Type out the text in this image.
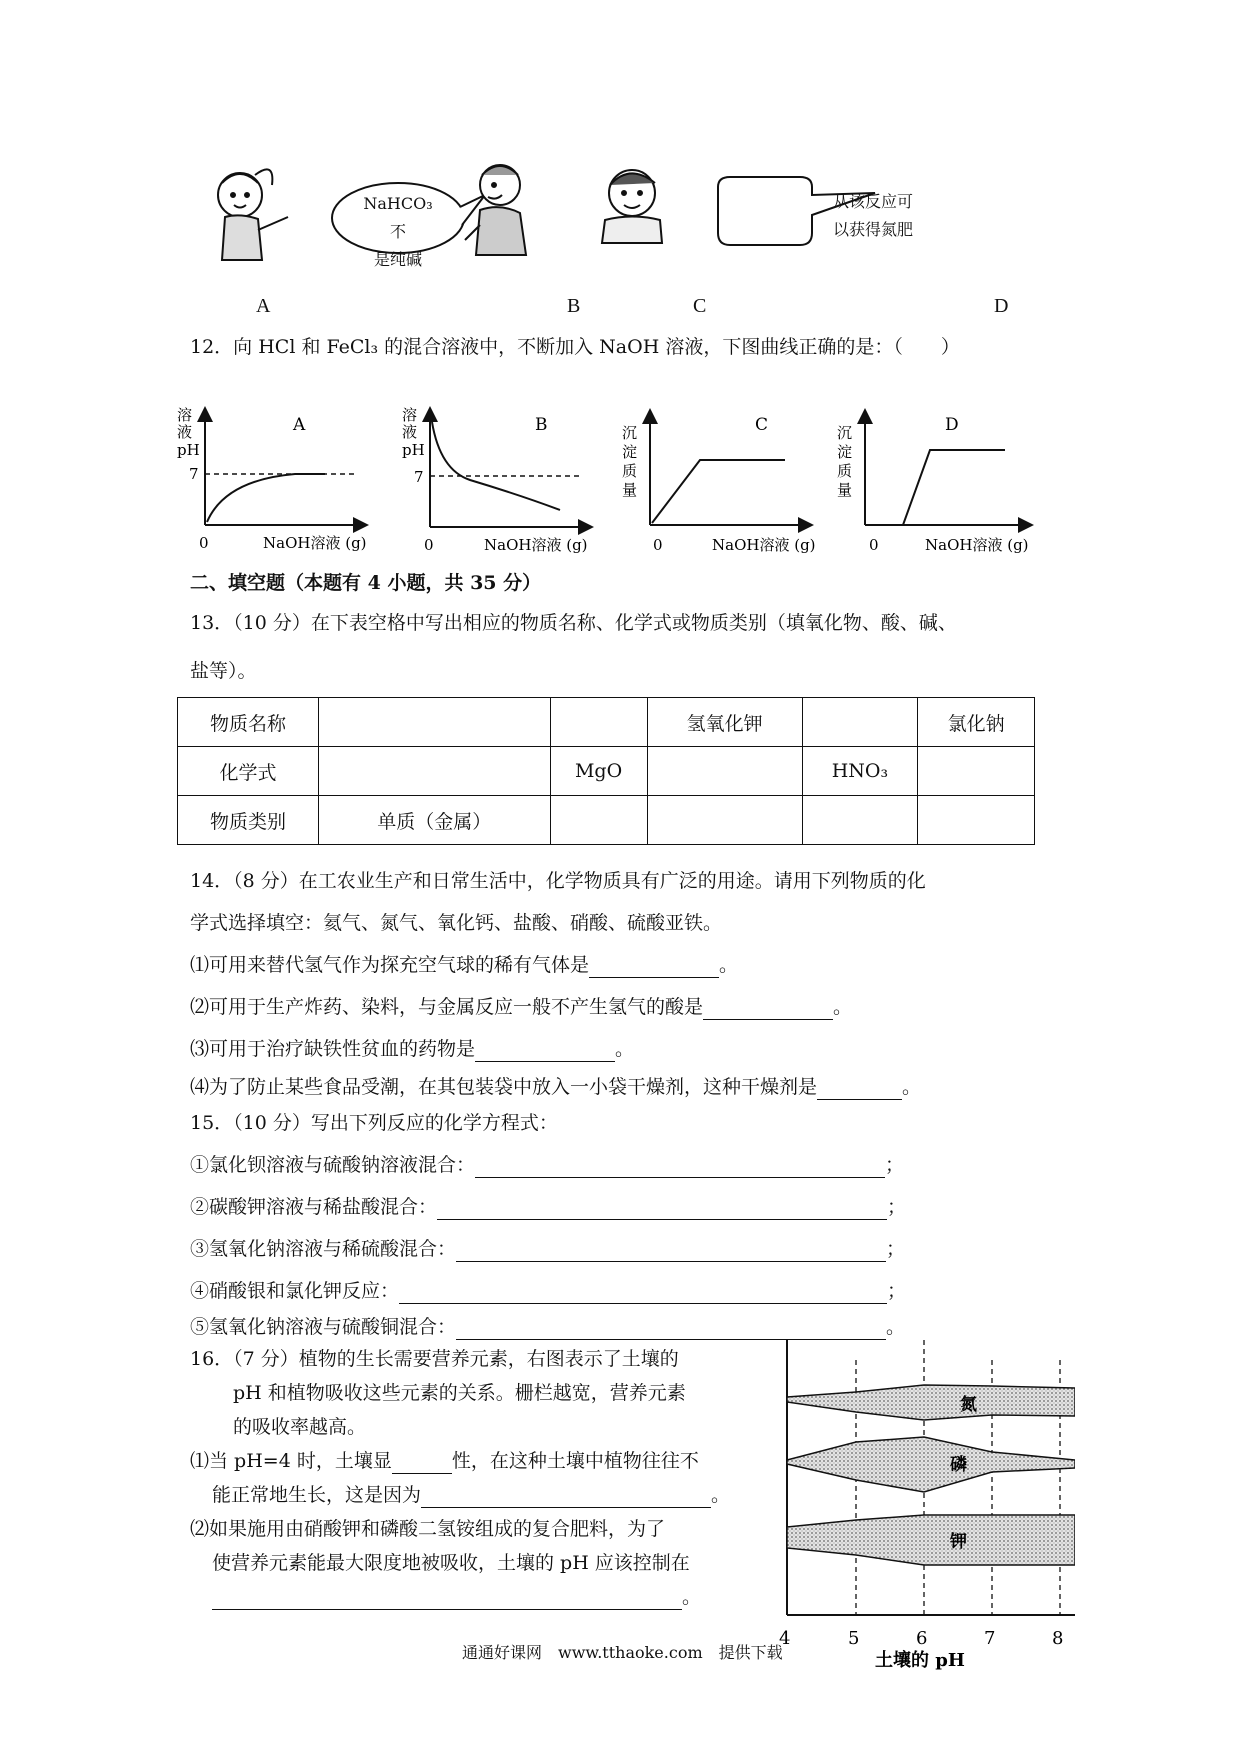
NaHCO₃ 不
是纯碱
从该反应可
以获得氮肥
A	B	C	D
12．向 HCl 和 FeCl₃ 的混合溶液中，不断加入 NaOH 溶液，下图曲线正确的是：（　　）
溶
液
pH
7
A
0	NaOH溶液 (g)
溶
液
pH
7
B
0	NaOH溶液 (g)
沉
淀
质
量
C
0	NaOH溶液 (g)
沉
淀
质
量
D
0	NaOH溶液 (g)
二、填空题（本题有 4 小题，共 35 分）
13．（10 分）在下表空格中写出相应的物质名称、化学式或物质类别（填氧化物、酸、碱、
盐等）。
物质名称			氢氧化钾		氯化钠
化学式		MgO		HNO₃	
物质类别	单质（金属）				
14．（8 分）在工农业生产和日常生活中，化学物质具有广泛的用途。请用下列物质的化
学式选择填空：氦气、氮气、氧化钙、盐酸、硝酸、硫酸亚铁。
⑴可用来替代氢气作为探充空气球的稀有气体是	。
⑵可用于生产炸药、染料，与金属反应一般不产生氢气的酸是	。
⑶可用于治疗缺铁性贫血的药物是	。
⑷为了防止某些食品受潮，在其包装袋中放入一小袋干燥剂，这种干燥剂是	。
15．（10 分）写出下列反应的化学方程式：
①氯化钡溶液与硫酸钠溶液混合：	；
②碳酸钾溶液与稀盐酸混合：	；
③氢氧化钠溶液与稀硫酸混合：	；
④硝酸银和氯化钾反应：	；
⑤氢氧化钠溶液与硫酸铜混合：	。
16．（7 分）植物的生长需要营养元素，右图表示了土壤的
pH 和植物吸收这些元素的关系。栅栏越宽，营养元素
的吸收率越高。
⑴当 pH=4 时，土壤显	性，在这种土壤中植物往往不
能正常地生长，这是因为	。
⑵如果施用由硝酸钾和磷酸二氢铵组成的复合肥料，为了
使营养元素能最大限度地被吸收，土壤的 pH 应该控制在
。
氮
磷
钾
4	5	6	7	8
土壤的 pH
通通好课网　www.tthaoke.com　提供下载
